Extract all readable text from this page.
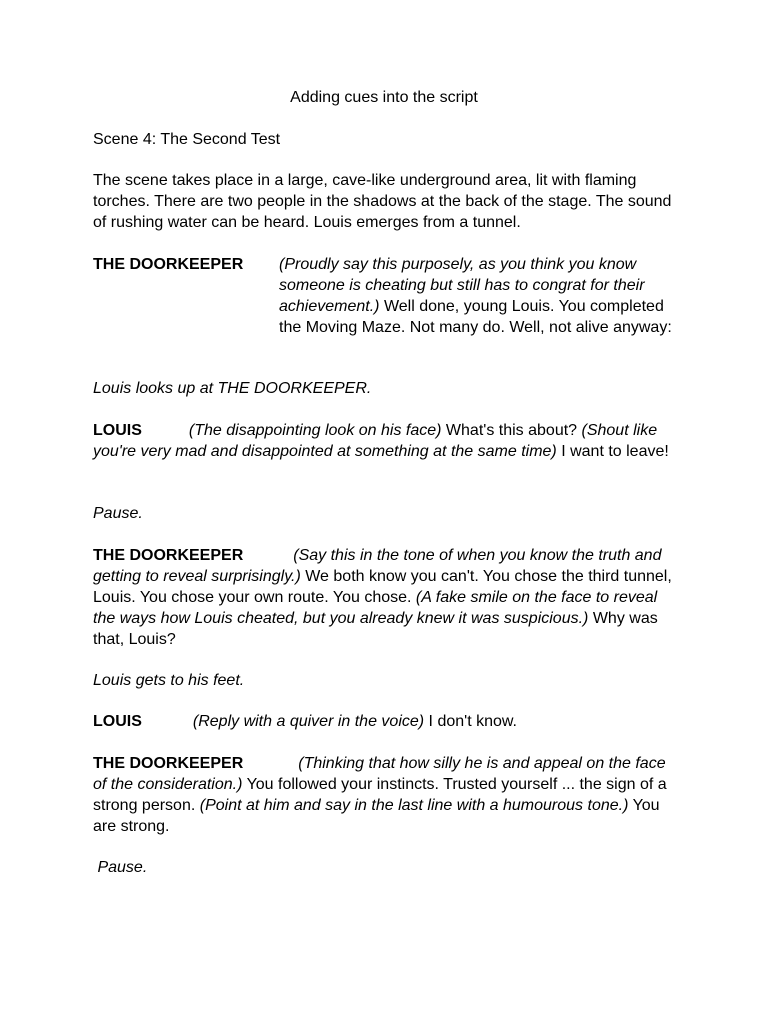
Adding cues into the script

Scene 4: The Second Test

The scene takes place in a large, cave-like underground area, lit with flaming torches. There are two people in the shadows at the back of the stage. The sound of rushing water can be heard. Louis emerges from a tunnel.

THE DOORKEEPER	(Proudly say this purposely, as you think you know someone is cheating but still has to congrat for their achievement.) Well done, young Louis. You completed the Moving Maze. Not many do. Well, not alive anyway:

Louis looks up at THE DOORKEEPER.

LOUIS	(The disappointing look on his face) What's this about? (Shout like you're very mad and disappointed at something at the same time) I want to leave!

Pause.

THE DOORKEEPER	(Say this in the tone of when you know the truth and getting to reveal surprisingly.) We both know you can't. You chose the third tunnel, Louis. You chose your own route. You chose. (A fake smile on the face to reveal the ways how Louis cheated, but you already knew it was suspicious.) Why was that, Louis?

Louis gets to his feet.

LOUIS	(Reply with a quiver in the voice) I don't know.

THE DOORKEEPER	(Thinking that how silly he is and appeal on the face of the consideration.) You followed your instincts. Trusted yourself ... the sign of a strong person. (Point at him and say in the last line with a humourous tone.) You are strong.

Pause.
